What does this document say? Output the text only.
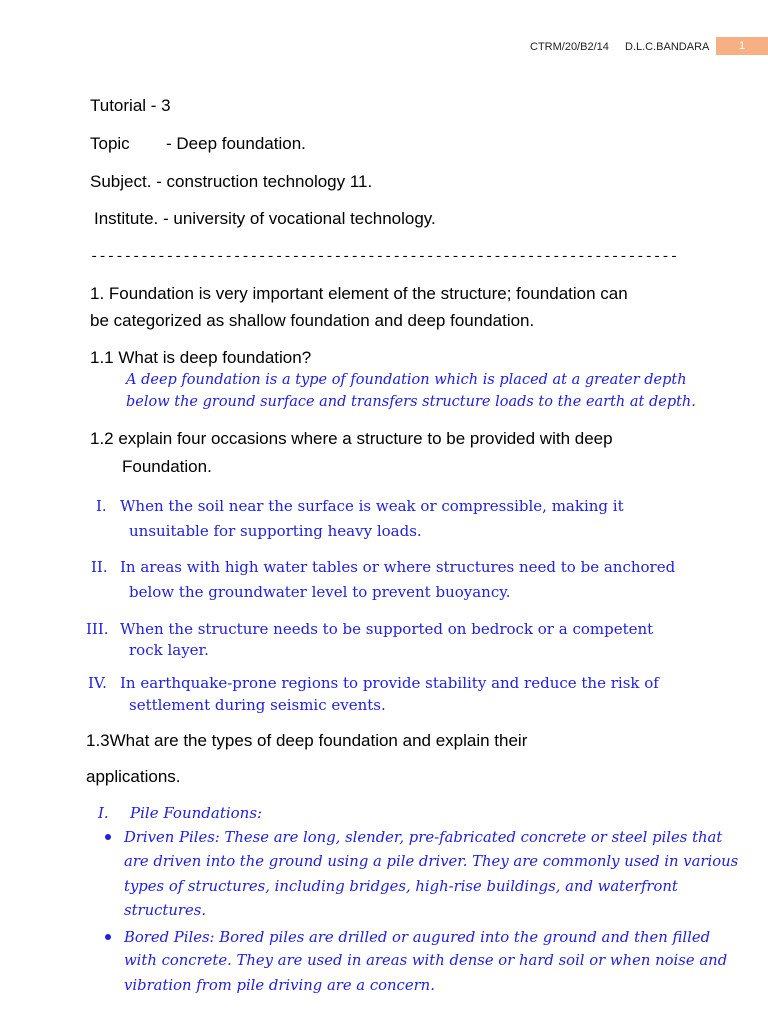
CTRM/20/B2/14 D.L.C.BANDARA	1
Tutorial - 3
Topic - Deep foundation.
Subject. - construction technology 11.
Institute. - university of vocational technology.
----------------------------------------------------------------------
1. Foundation is very important element of the structure; foundation can
be categorized as shallow foundation and deep foundation.
1.1 What is deep foundation?
A deep foundation is a type of foundation which is placed at a greater depth
below the ground surface and transfers structure loads to the earth at depth.
1.2 explain four occasions where a structure to be provided with deep
Foundation.
I. When the soil near the surface is weak or compressible, making it
unsuitable for supporting heavy loads.
II. In areas with high water tables or where structures need to be anchored
below the groundwater level to prevent buoyancy.
III. When the structure needs to be supported on bedrock or a competent
rock layer.
IV. In earthquake-prone regions to provide stability and reduce the risk of
settlement during seismic events.
1.3What are the types of deep foundation and explain their
applications.
I. Pile Foundations:
Driven Piles: These are long, slender, pre-fabricated concrete or steel piles that
are driven into the ground using a pile driver. They are commonly used in various
types of structures, including bridges, high-rise buildings, and waterfront
structures.
Bored Piles: Bored piles are drilled or augured into the ground and then filled
with concrete. They are used in areas with dense or hard soil or when noise and
vibration from pile driving are a concern.
